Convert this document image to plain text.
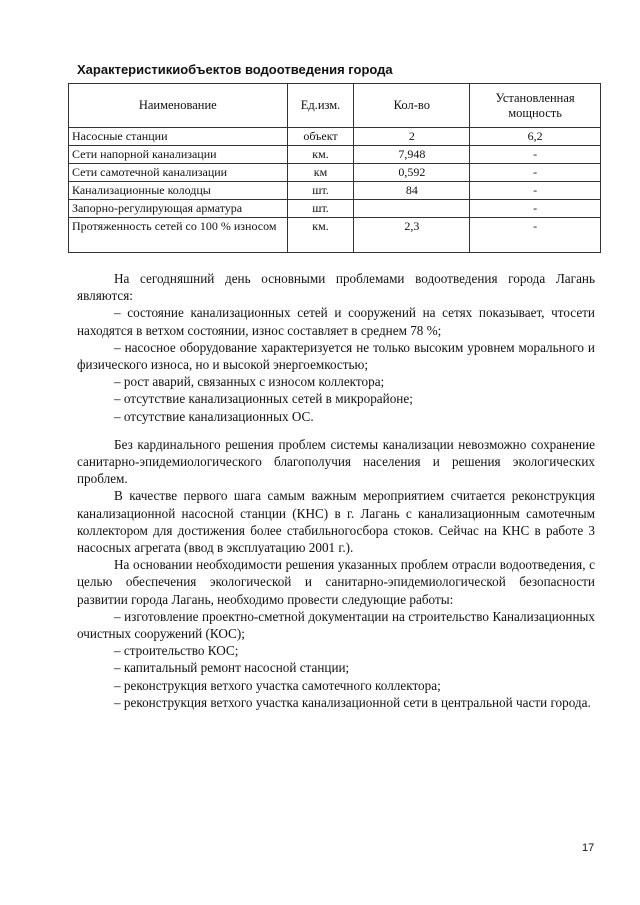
Характеристикиобъектов водоотведения города
Наименование	Ед.изм.	Кол-во	Установленная мощность
Насосные станции	объект	2	6,2
Сети напорной канализации	км.	7,948	-
Сети самотечной канализации	км	0,592	-
Канализационные колодцы	шт.	84	-
Запорно-регулирующая арматура	шт.		-
Протяженность сетей со 100 % износом	км.	2,3	-

На сегодняшний день основными проблемами водоотведения города Лагань являются:

– состояние канализационных сетей и сооружений на сетях показывает, чтосети находятся в ветхом состоянии, износ составляет в среднем 78 %;

– насосное оборудование характеризуется не только высоким уровнем морального и физического износа, но и высокой энергоемкостью;

– рост аварий, связанных с износом коллектора;

– отсутствие канализационных сетей в микрорайоне;

– отсутствие канализационных ОС.

Без кардинального решения проблем системы канализации невозможно сохранение санитарно-эпидемиологического благополучия населения и решения экологических проблем.

В качестве первого шага самым важным мероприятием считается реконструкция канализационной насосной станции (КНС) в г. Лагань с канализационным самотечным коллектором для достижения более стабильногосбора стоков. Сейчас на КНС в работе 3 насосных агрегата (ввод в эксплуатацию 2001 г.).

На основании необходимости решения указанных проблем отрасли водоотведения, с целью обеспечения экологической и санитарно-эпидемиологической безопасности развитии города Лагань, необходимо провести следующие работы:

– изготовление проектно-сметной документации на строительство Канализационных очистных сооружений (КОС);

– строительство КОС;

– капитальный ремонт насосной станции;

– реконструкция ветхого участка самотечного коллектора;

– реконструкция ветхого участка канализационной сети в центральной части города.

17
